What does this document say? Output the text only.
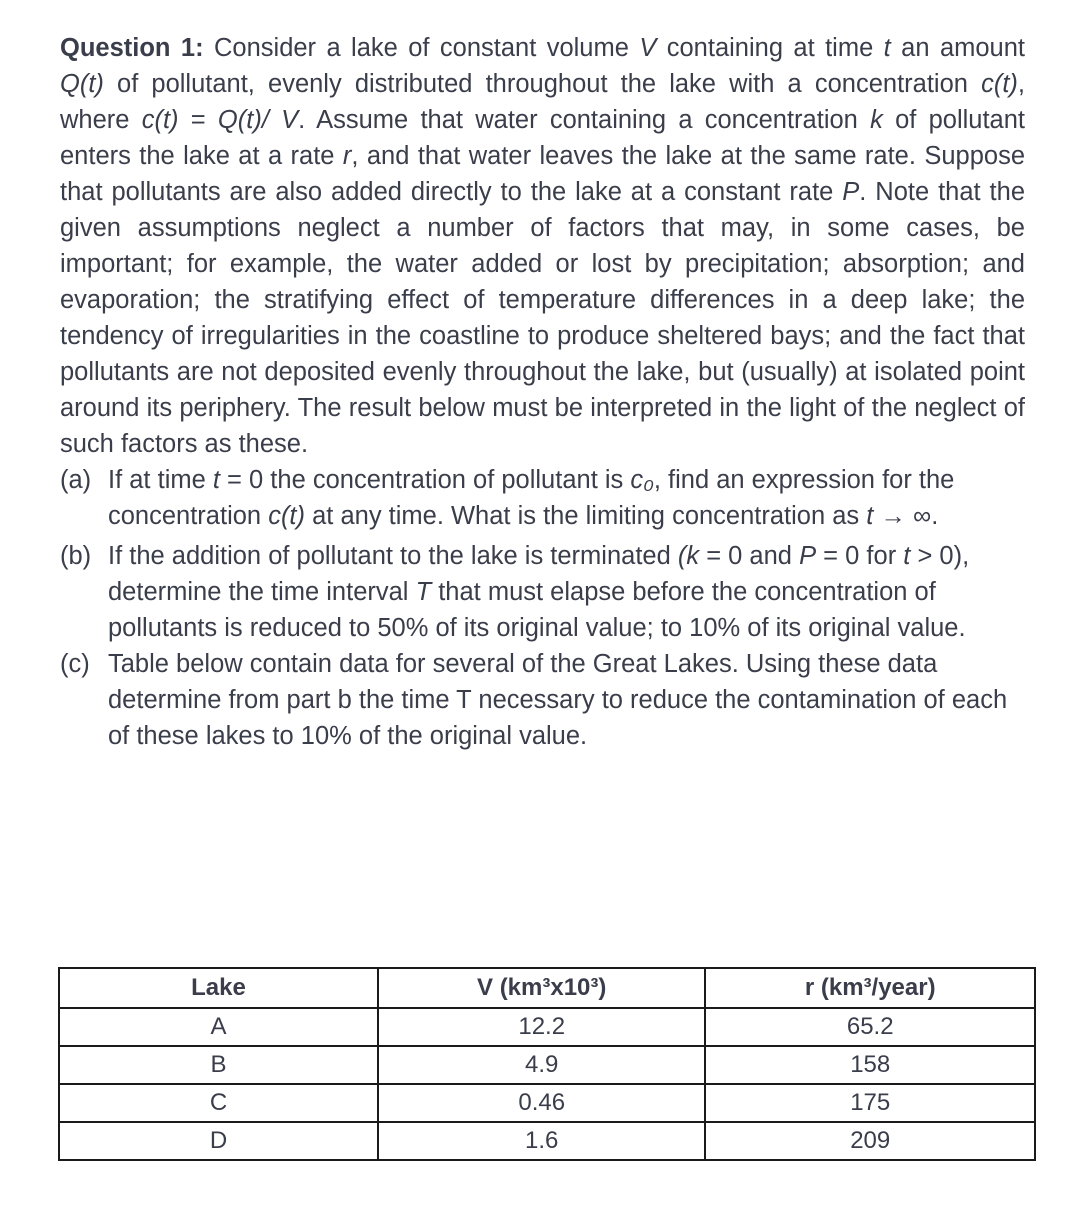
Question 1: Consider a lake of constant volume V containing at time t an amount Q(t) of pollutant, evenly distributed throughout the lake with a concentration c(t), where c(t) = Q(t)/ V. Assume that water containing a concentration k of pollutant enters the lake at a rate r, and that water leaves the lake at the same rate. Suppose that pollutants are also added directly to the lake at a constant rate P. Note that the given assumptions neglect a number of factors that may, in some cases, be important; for example, the water added or lost by precipitation; absorption; and evaporation; the stratifying effect of temperature differences in a deep lake; the tendency of irregularities in the coastline to produce sheltered bays; and the fact that pollutants are not deposited evenly throughout the lake, but (usually) at isolated point around its periphery. The result below must be interpreted in the light of the neglect of such factors as these.

(a) If at time t = 0 the concentration of pollutant is c₀, find an expression for the concentration c(t) at any time. What is the limiting concentration as t → ∞.
(b) If the addition of pollutant to the lake is terminated (k = 0 and P = 0 for t > 0), determine the time interval T that must elapse before the concentration of pollutants is reduced to 50% of its original value; to 10% of its original value.
(c) Table below contain data for several of the Great Lakes. Using these data determine from part b the time T necessary to reduce the contamination of each of these lakes to 10% of the original value.
Lake	V (km³x10³)	r (km³/year)
A	12.2	65.2
B	4.9	158
C	0.46	175
D	1.6	209
